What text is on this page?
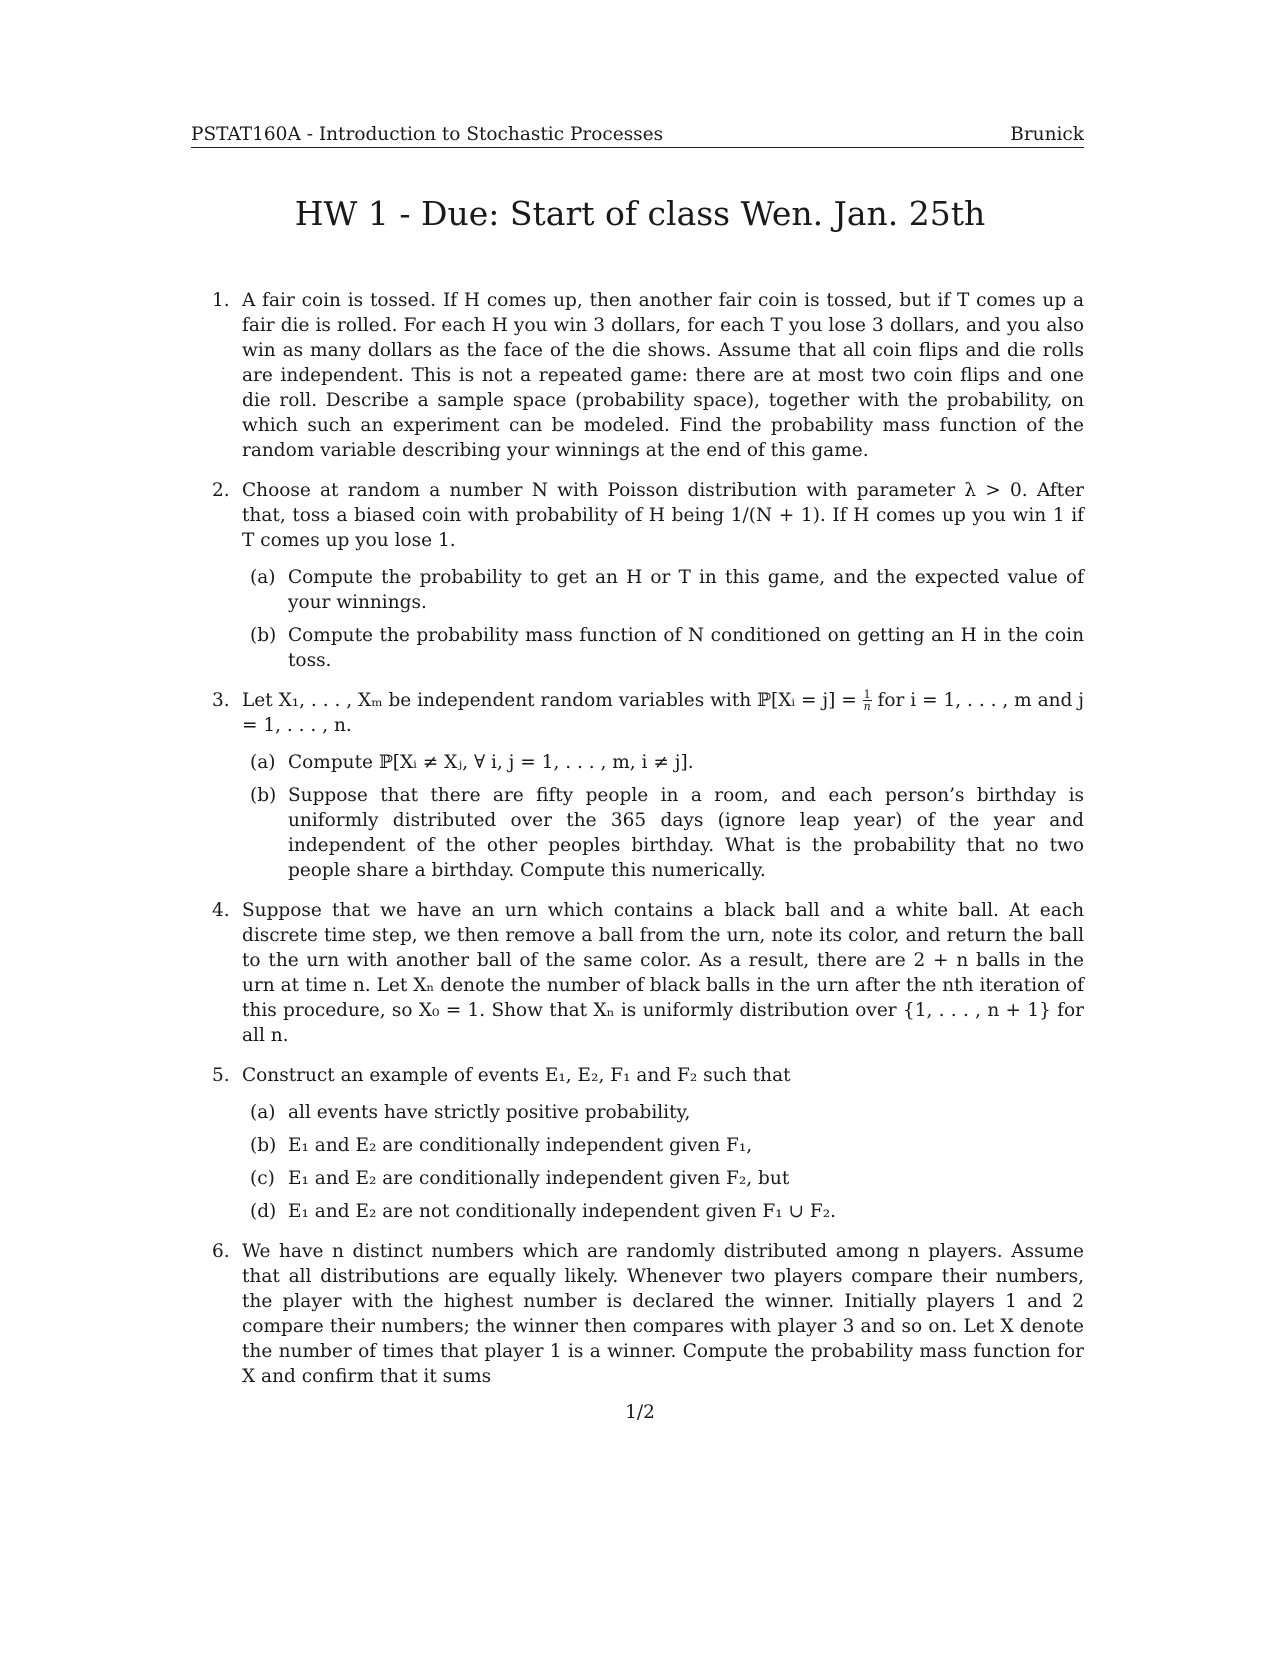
PSTAT160A - Introduction to Stochastic Processes	Brunick
HW 1 - Due: Start of class Wen. Jan. 25th
1. A fair coin is tossed. If H comes up, then another fair coin is tossed, but if T comes up a fair die is rolled. For each H you win 3 dollars, for each T you lose 3 dollars, and you also win as many dollars as the face of the die shows. Assume that all coin flips and die rolls are independent. This is not a repeated game: there are at most two coin flips and one die roll. Describe a sample space (probability space), together with the probability, on which such an experiment can be modeled. Find the probability mass function of the random variable describing your winnings at the end of this game.
2. Choose at random a number N with Poisson distribution with parameter λ > 0. After that, toss a biased coin with probability of H being 1/(N + 1). If H comes up you win 1 if T comes up you lose 1.
(a) Compute the probability to get an H or T in this game, and the expected value of your winnings.
(b) Compute the probability mass function of N conditioned on getting an H in the coin toss.
3. Let X₁, . . . , Xₘ be independent random variables with ℙ[Xᵢ = $j] = \frac{1}{n}$ for i = 1, . . . , m and j = 1, . . . , n.
(a) Compute ℙ[Xᵢ ≠ Xⱼ, ∀ i, j = 1, . . . , m, i ≠ j].
(b) Suppose that there are fifty people in a room, and each person’s birthday is uniformly distributed over the 365 days (ignore leap year) of the year and independent of the other peoples birthday. What is the probability that no two people share a birthday. Compute this numerically.
4. Suppose that we have an urn which contains a black ball and a white ball. At each discrete time step, we then remove a ball from the urn, note its color, and return the ball to the urn with another ball of the same color. As a result, there are 2 + n balls in the urn at time n. Let Xₙ denote the number of black balls in the urn after the nth iteration of this procedure, so X₀ = 1. Show that Xₙ is uniformly distribution over {1, . . . , n + 1} for all n.
5. Construct an example of events E₁, E₂, F₁ and F₂ such that
(a) all events have strictly positive probability,
(b) E₁ and E₂ are conditionally independent given F₁,
(c) E₁ and E₂ are conditionally independent given F₂, but
(d) E₁ and E₂ are not conditionally independent given F₁ ∪ F₂.
6. We have n distinct numbers which are randomly distributed among n players. Assume that all distributions are equally likely. Whenever two players compare their numbers, the player with the highest number is declared the winner. Initially players 1 and 2 compare their numbers; the winner then compares with player 3 and so on. Let X denote the number of times that player 1 is a winner. Compute the probability mass function for X and confirm that it sums
1/2
